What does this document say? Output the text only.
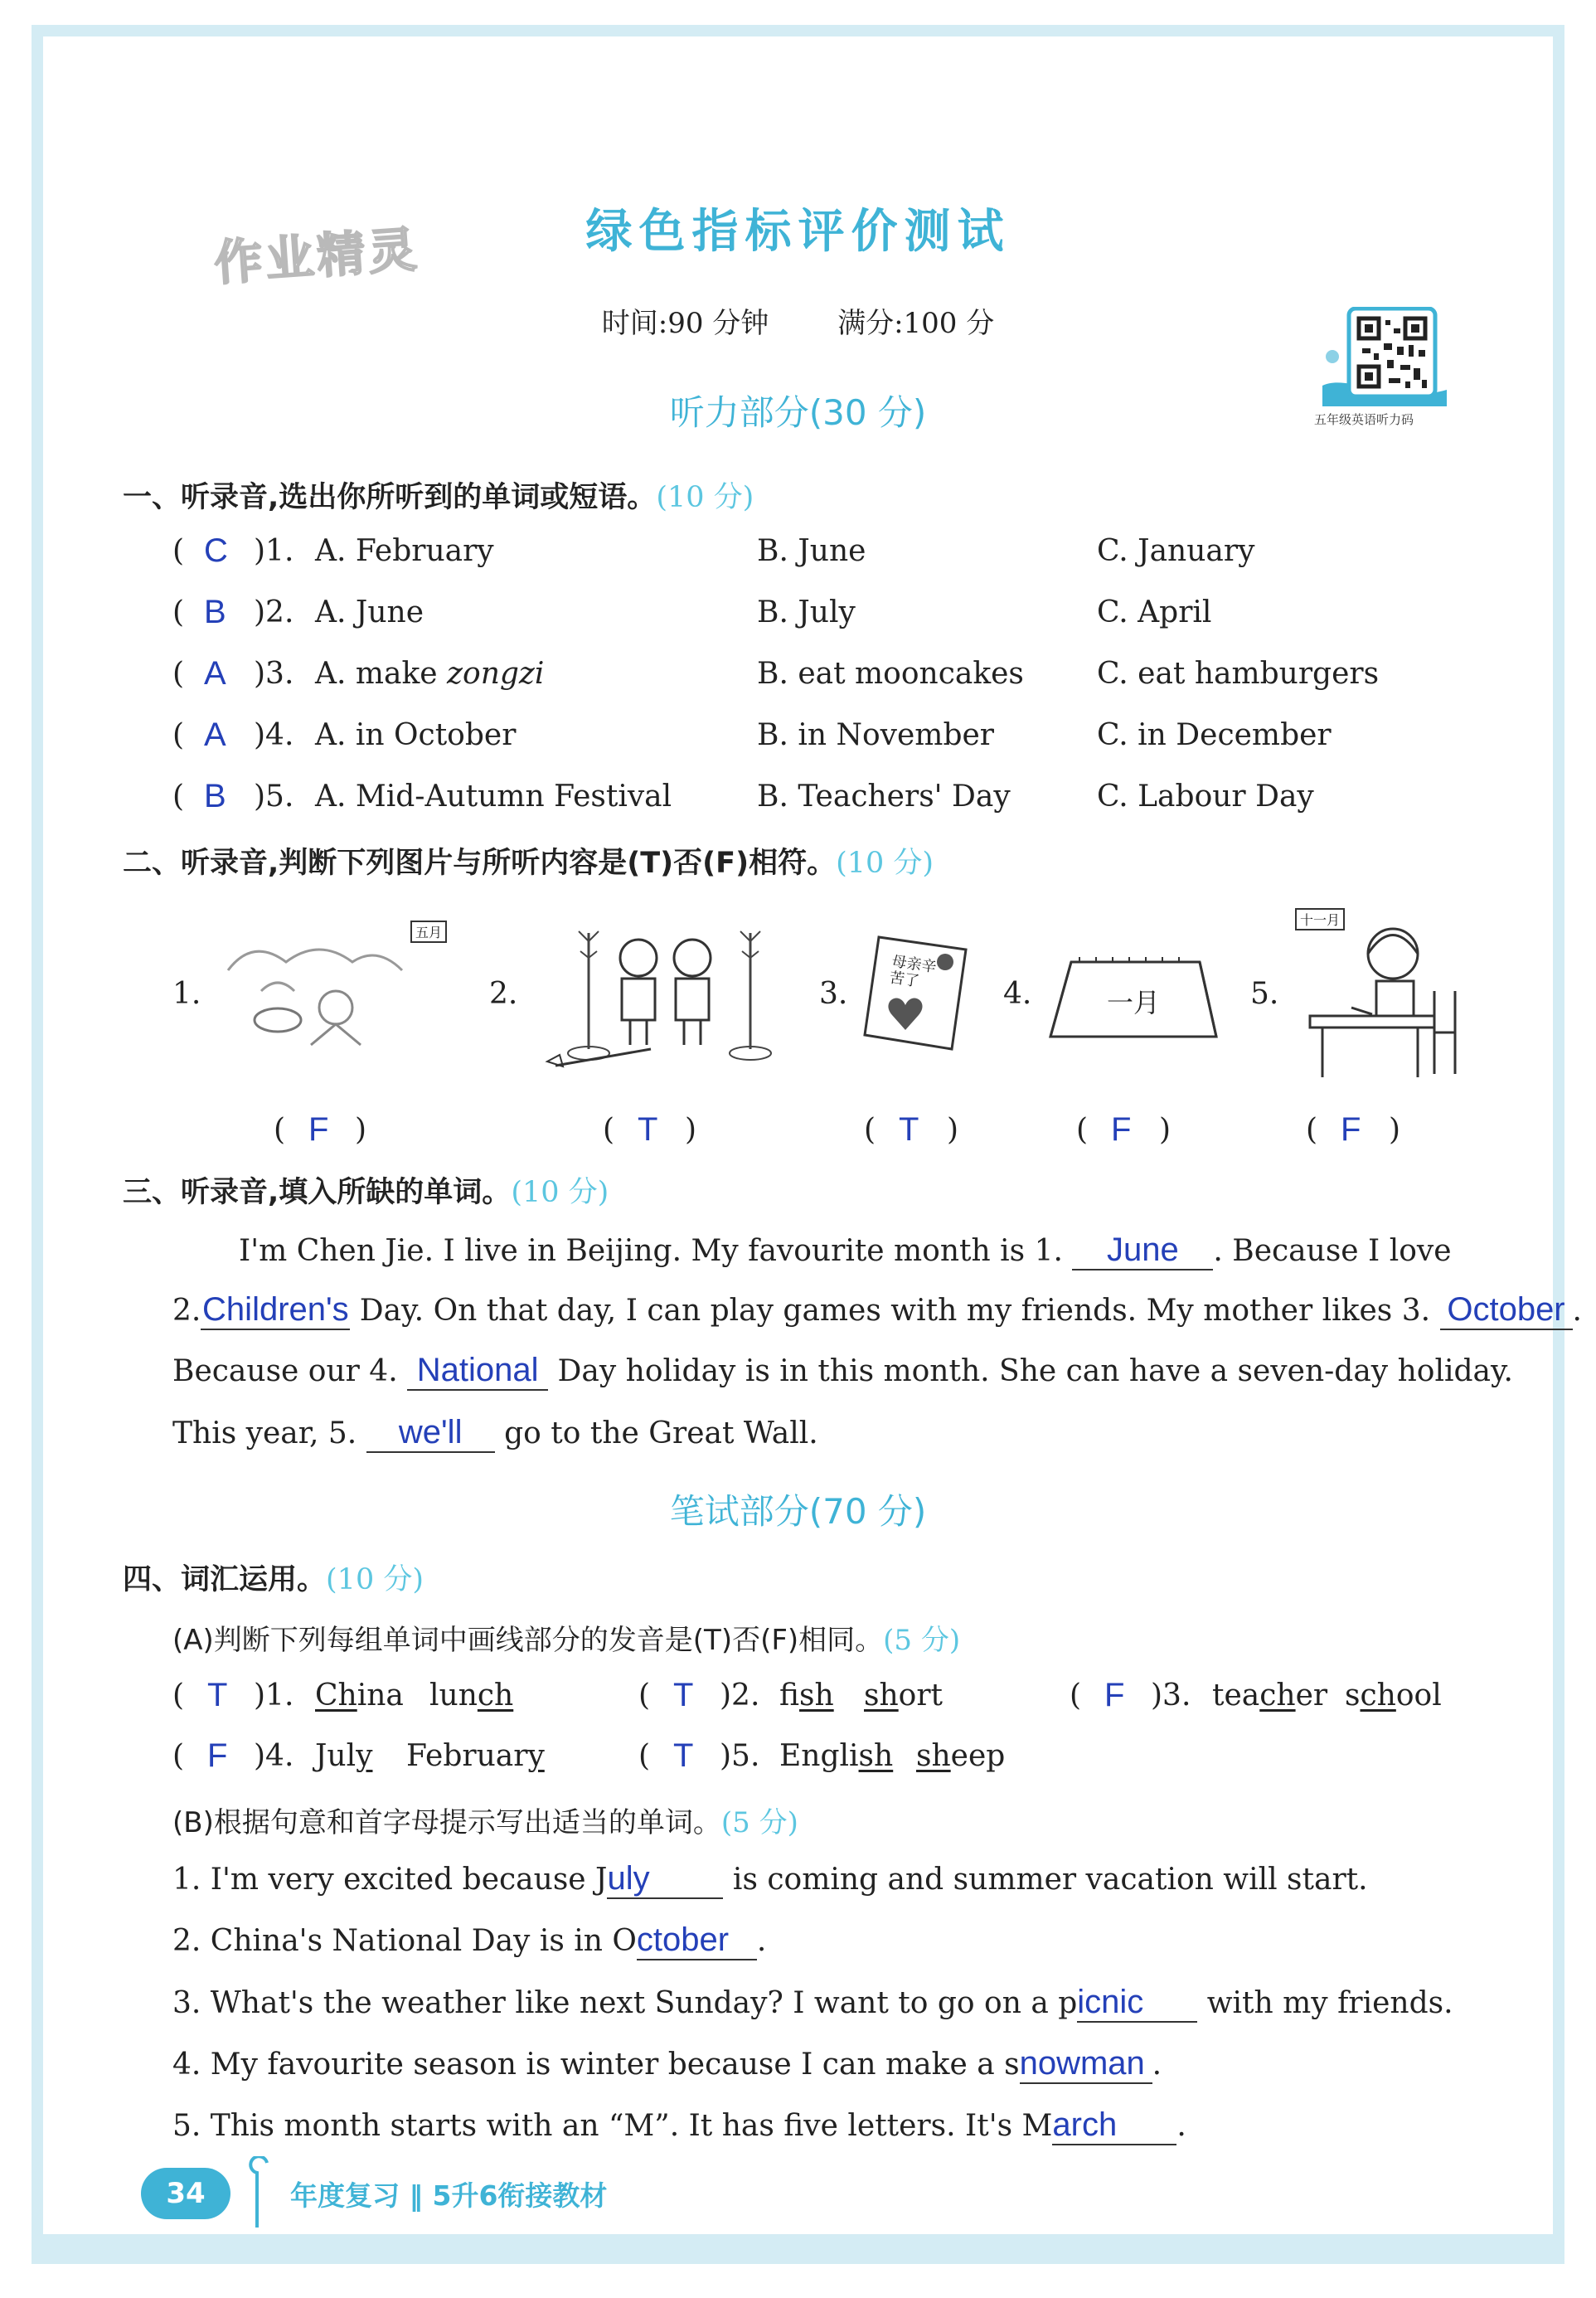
作业精灵	绿色指标评价测试
时间:90 分钟 满分:100 分
五年级英语听力码
听力部分(30 分)
一、听录音,选出你所听到的单词或短语。(10 分)
( C )1. A. February	B. June	C. January
( B )2. A. June	B. July	C. April
( A )3. A. make zongzi	B. eat mooncakes C. eat hamburgers
( A )4. A. in October	B. in November	C. in December
( B )5. A. Mid-Autumn Festival	B. Teachers' Day	C. Labour Day
二、听录音,判断下列图片与所听内容是(T)否(F)相符。(10 分)
1.	2.	3.	4.	5.
五月
母亲辛苦了
一月
十一月
( F )	( T )	( T )	( F )	( F )
三、听录音,填入所缺的单词。(10 分)
I'm Chen Jie. I live in Beijing. My favourite month is 1. June . Because I love
2.Children's Day. On that day, I can play games with my friends. My mother likes 3. October .
Because our 4. National Day holiday is in this month. She can have a seven-day holiday.
This year, 5. we'll go to the Great Wall.
笔试部分(70 分)
四、词汇运用。(10 分)
(A)判断下列每组单词中画线部分的发音是(T)否(F)相同。(5 分)
( T )1. China lunch	( T )2. fish short	( F )3. teacher school
( F )4. July February	( T )5. English sheep
(B)根据句意和首字母提示写出适当的单词。(5 分)
1. I'm very excited because July is coming and summer vacation will start.
2. China's National Day is in October .
3. What's the weather like next Sunday? I want to go on a picnic with my friends.
4. My favourite season is winter because I can make a snowman .
5. This month starts with an “M”. It has five letters. It's March .
34	年度复习 ‖ 5升6衔接教材
